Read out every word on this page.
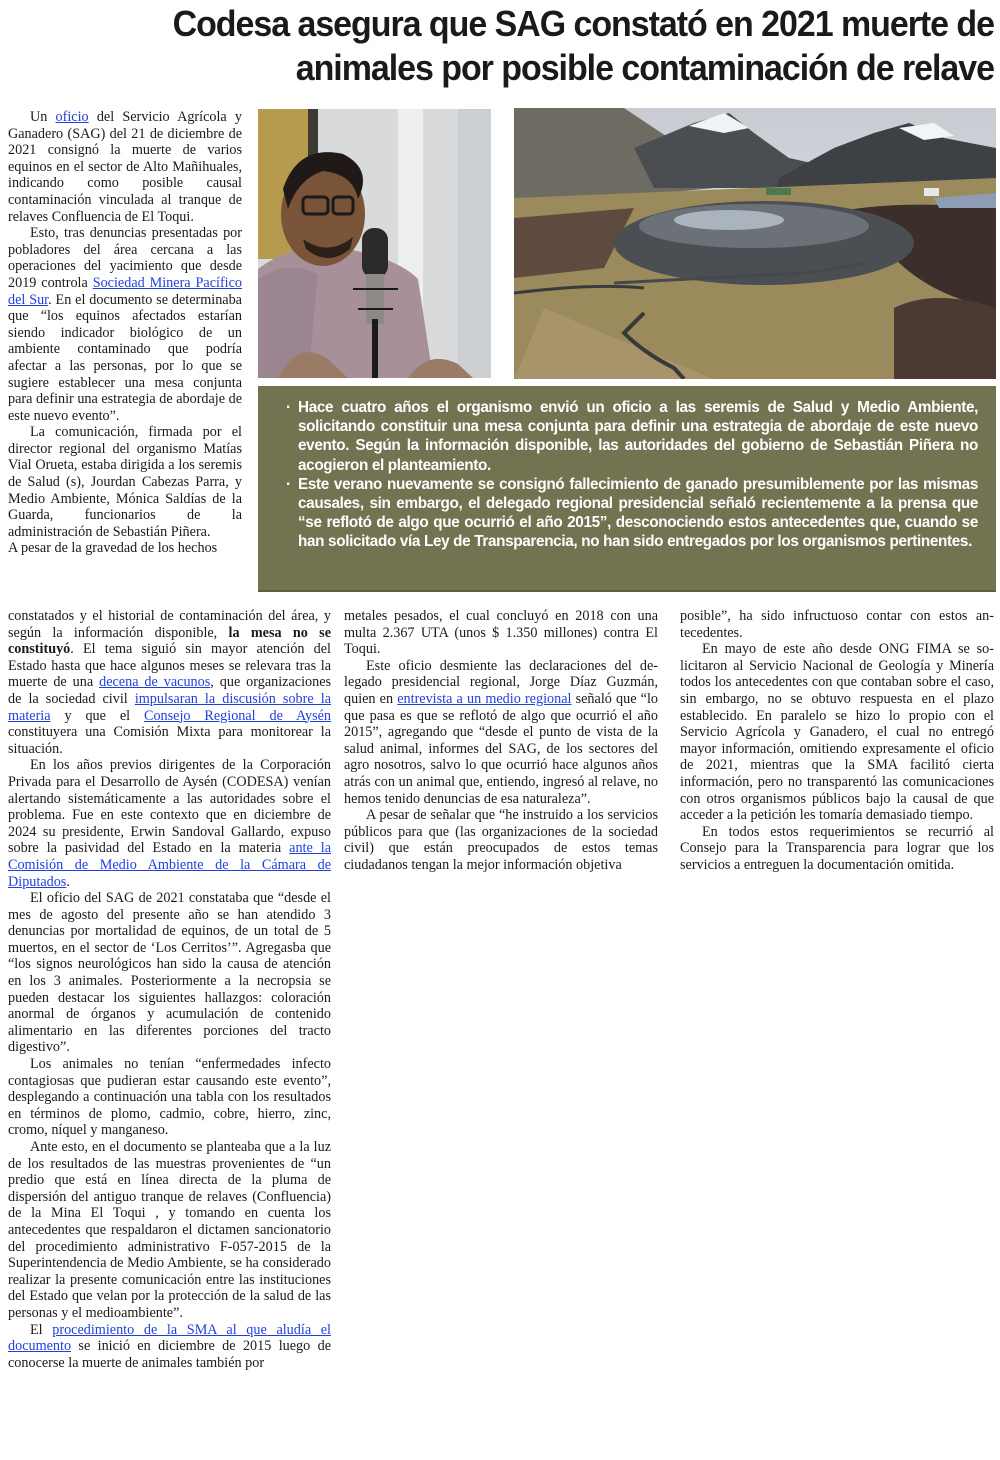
Codesa asegura que SAG constató en 2021 muerte de
animales por posible contaminación de relave
· Hace cuatro años el organismo envió un oficio a las seremis de Salud y Medio Ambiente, solicitando constituir una mesa conjunta para definir una estrategia de abordaje de este nuevo evento. Según la información disponible, las autoridades del gobierno de Sebastián Piñera no acogieron el planteamiento.
· Este verano nuevamente se consignó fallecimiento de ganado presumiblemente por las mismas causales, sin embargo, el delegado regional presidencial señaló recientemente a la prensa que “se reflotó de algo que ocurrió el año 2015”, desconociendo estos antecedentes que, cuando se han solicitado vía Ley de Transparencia, no han sido entregados por los organismos pertinentes.

Un oficio del Servicio Agrícola y Ganadero (SAG) del 21 de diciembre de 2021 consignó la muerte de varios equinos en el sector de Alto Mañihuales, indicando como posible causal contaminación vinculada al tranque de relaves Confluencia de El Toqui.

Esto, tras denuncias presentadas por pobladores del área cercana a las operaciones del yacimiento que desde 2019 controla Sociedad Minera Pacífico del Sur. En el documento se determinaba que “los equinos afectados estarían siendo indicador biológico de un ambiente contaminado que podría afectar a las personas, por lo que se sugiere establecer una mesa conjunta para definir una estrategia de abordaje de este nuevo evento”.

La comunicación, firmada por el director regional del organismo Matías Vial Orueta, estaba dirigida a los seremis de Salud (s), Jourdan Cabezas Parra, y Medio Ambiente, Mónica Saldías de la Guarda, funcionarios de la administración de Sebastián Piñera.

A pesar de la gravedad de los hechos

constatados y el historial de contaminación del área, y según la información disponible, la mesa no se constituyó. El tema siguió sin mayor atención del Estado hasta que hace algunos meses se relevara tras la muerte de una decena de vacunos, que organizaciones de la sociedad civil impulsaran la discusión sobre la materia y que el Consejo Regional de Aysén constituyera una Comisión Mixta para monitorear la situación.

En los años previos dirigentes de la Corporación Privada para el Desarrollo de Aysén (CODESA) venían alertando sistemáticamente a las autoridades sobre el problema. Fue en este contexto que en diciembre de 2024 su presidente, Erwin Sandoval Gallardo, expuso sobre la pasividad del Estado en la materia ante la Comisión de Medio Ambiente de la Cámara de Diputados.

El oficio del SAG de 2021 constataba que “desde el mes de agosto del presente año se han atendido 3 denuncias por mortalidad de equinos, de un total de 5 muertos, en el sector de ‘Los Cerritos’”. Agregasba que “los signos neurológicos han sido la causa de atención en los 3 animales. Posteriormente a la necropsia se pueden destacar los siguientes hallazgos: coloración anormal de órganos y acumulación de contenido alimentario en las diferentes porciones del tracto digestivo”.

Los animales no tenían “enfermedades infecto contagiosas que pudieran estar causando este evento”, desplegando a continuación una tabla con los resultados en términos de plomo, cadmio, cobre, hierro, zinc, cromo, níquel y manganeso.

Ante esto, en el documento se planteaba que a la luz de los resultados de las muestras provenientes de “un predio que está en línea directa de la pluma de dispersión del antiguo tranque de relaves (Confluencia) de la Mina El Toqui , y tomando en cuenta los antecedentes que respaldaron el dictamen sancionatorio del procedimiento administrativo F-057-2015 de la Superintendencia de Medio Ambiente, se ha considerado realizar la presente comunicación entre las instituciones del Estado que velan por la protección de la salud de las personas y el medioambiente”.

El procedimiento de la SMA al que aludía el documento se inició en diciembre de 2015 luego de conocerse la muerte de animales también por

metales pesados, el cual concluyó en 2018 con una multa 2.367 UTA (unos $ 1.350 millones) contra El Toqui.

Este oficio desmiente las declaraciones del delegado presidencial regional, Jorge Díaz Guzmán, quien en entrevista a un medio regional señaló que “lo que pasa es que se reflotó de algo que ocurrió el año 2015”, agregando que “desde el punto de vista de la salud animal, informes del SAG, de los sectores del agro nosotros, salvo lo que ocurrió hace algunos años atrás con un animal que, entiendo, ingresó al relave, no hemos tenido denuncias de esa naturaleza”.

A pesar de señalar que “he instruido a los servicios públicos para que (las organizaciones de la sociedad civil) que están preocupados de estos temas ciudadanos tengan la mejor información objetiva

posible”, ha sido infructuoso contar con estos antecedentes.

En mayo de este año desde ONG FIMA se solicitaron al Servicio Nacional de Geología y Minería todos los antecedentes con que contaban sobre el caso, sin embargo, no se obtuvo respuesta en el plazo establecido. En paralelo se hizo lo propio con el Servicio Agrícola y Ganadero, el cual no entregó mayor información, omitiendo expresamente el oficio de 2021, mientras que la SMA facilitó cierta información, pero no transparentó las comunicaciones con otros organismos públicos bajo la causal de que acceder a la petición les tomaría demasiado tiempo.

En todos estos requerimientos se recurrió al Consejo para la Transparencia para lograr que los servicios a entreguen la documentación omitida.
